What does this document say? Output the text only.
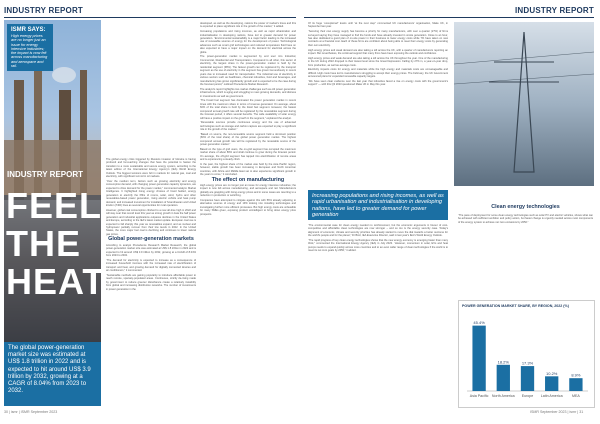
INDUSTRY REPORT
ISMR SAYS:
High energy prices are no longer just an issue for energy intensive industries; the impact is now felt across manufacturing and aerospace and rail.
INDUSTRY REPORT
FEEL
THE
HEAT
The global power-generation market size was estimated at US$ 1.8 trillion in 2022 and is expected to hit around US$ 3.9 trillion by 2032, growing at a CAGR of 8.04% from 2023 to 2032.

The global energy crisis triggered by Russia's invasion of Ukraine is having profound and far-reaching changes that have the potential to hasten the transition to a more sustainable and secure energy system, according to the latest edition of the International Energy Agency's (IEA) World Energy Outlook. The biggest tensions were felt in markets for natural gas, coal and electricity, with significant turmoil in oil markets.

“Over the medium term, factors such as growing electricity and energy consumption demand, with changing power generation capacity dynamics, are expected to drive demand for the power market,” commented analyst. Market Intelligence. It highlighted rising energy choices of fossil fuelled, energy generation to electrify the fifths of rooms, solar, wind, hydro and other renewables-based power generation, rising electric vehicle and heat pump demand, and increased investment for installation of Scandinavian and United kindom (T&D) lines as several opportunities for rural operators.

However, global coal consumption climbed to a new all-time high in 2022 and will stay near that record level this year as strong growth in Asia the half power generation and industrial applications outpaces declines in the United States and Europe, according to the IEA's latest market update. European coal use is expected to fall sharply this year as renewables expand, and as nuclear and hydropower partially recover from their low levels in 2022. In the United States, the more major fuel coal is declining and continues to lower natural gas prices.

Global power-generation markets

According to analyst Precedence Research Market Research, the global power-generation market size was estimated at US$ 1.8 trillion in 2022 and is expected to hit around US$ 3.9 trillion by 2032, growing at a CAGR of 8.04% from 2023 to 2032.

“The demand for electricity is expected to increase as a consequence of increased household incomes with the increased rate of electrification of transport and heat, and growing demand for digitally connected devices and air conditioners,” it commented.

“Sustainable methods are gaining popularity to introduce affordable power to reach remote, sparsely-populated areas. Continuous, strictly de-rising made by government to reduce greener disturbance create a relatively instability from global and increasing distribution networks. The number of investments in power generation in the

developed, as well as the developing, nations the power of market's times and this is expected to place significant role in the growth of the market,” it added.

Increasing populations and rising incomes, as well as rapid urbanization and industrialisation in developing nations, have led to greater demand for power generation. “Environmental sustainability is a major factor leading to the increased use of renewable sources of energy for the development of power. Technological advances such as smart grid technologies and reduced temperature fluid have on also expected to have a major impact on the demand for electrical across the globe.

The power-generation market is segmented by end user into Industrial, Commercial, Residential and Transportation. Compared to all other, this sector of electricity, the largest share in the power-generation market is held by the residential segment (38%). The fastest growth can be registered by the transport segment as the use of electricity in this segment has grown tremendously in recent years due to increased need for transportation. The industrial use of electricity in various sectors such as healthcare, chemical industries, food and beverages, and manufacturing has grown significantly growth and is expected to be the case during the forecast period,” outlined Precedence Market Research.

The analyst's report highlights two market challenges such as old power generation infrastructure, which is aging and struggling to meet growing demands, and distress in investments as well as government.

“The Fossil fuel segment has dominated the power generation market in recent times with the maximum share in terms of revenue generated. On average, about 60% of the total share is held by the fossil fuel segment. However, the fastest compound annual growth rate will be registered by the renewables segment during the forecast period, it offers several benefits. The wide availability of solar energy will have a positive impact on the growth in the segment,” explained the analyst.

“Renewable sources provide continuous energy and the use of advanced technologies such as storage and carbon capture are expected to play a significant role in the growth of the market.”

“Based on source, the non-renewable source segment held a dominant position (60% of the total share) of the global power generation market. The highest compound annual growth rate will be registered by the renewable source of the power generation market.”

Based on the type of grid users, the on-grid segment has occupied the maximum market share of about 86% and shall continue to grow during the forecast period. On average, the off-grid segment has tapped into electrification of remote areas and is experiencing a steady climb.

In the past, the highest share of the market was held by the Asia Pacific region, however, stable growth has been increasing in European and North American countries, with Africa and Middle East set to also experience significant growth in the years to come,” it concluded.

The effect on manufacturing

High energy prices are no longer just an issue for energy intensive industries; the impact is now felt across manufacturing, and aerospace and rail. Manufacturers globally are grappling with rising energy prices and in some cases are resorting to a reduction in production or switching.

Companies have attempted to mitigate against this with 56% already adjusting to alternative sources of energy and 19% looking into installing technologies and investigating further more efficient processes. But high energy costs are unfeasible for many SMEs given, exposing product unintelligent to bring down energy price prospects.

30 | ismr | ISMR September 2023
INDUSTRY REPORT

Of its huge “exceptional” levels until “at the next step” commented UK manufacturers’ organisation, Make UK, in September last year.

“Securing their own energy supply has become a priority for many manufacturers, with over a quarter (27%) of firms surveyed saying they have managed to find the funds and have already invested in onsite generation. Close to an hour, has also dedicated a good plan of on-site power in their business to lower energy costs while 7% have taken on new contracts at a financial cost. Each of these firms are confident about being able to meet their energy costs by generating their own electricity.

High energy prices and weak demand are also taking a toll across the UK, with a quarter of manufacturers reporting an impact. But nevertheless, the continual support that many firms have been exposing the outlook and confidence.

High energy prices and weak demand are also taking a toll across the UK throughout the year. One of the manufacturing in the UK during 2022 dropped to their lowest level since the Great Depression. Falling by 27% in, a year-on-year drop, from production, as well as average costs.

Electricity impacts costs for energy and materials while the high energy and materials costs are unmanageable and difficult. High costs have led to manufacturers struggling to accept their energy prices. The February, the UK Government announced plans for expanded renewable capacity targets.

“We have seen clear evidence over the last year that industries faced a rise on energy costs with the government's support” — with this Q3 2023 questioned Make UK in May this year.

Increasing populations and rising incomes, as well as rapid urbanisation and industrialisation in developing nations, have led to greater demand for power generation
Clean energy technologies

“The environmental case for clean energy needed no reinforcement, but the economic arguments in favour of cost-competitive and affordable clean technologies are now stronger – and so too is the energy security case. Today's alignment of economic, climate and security priorities has already started to move the dial towards a better outcome for the world's people and for the planet,” Dr Birol, IEA Executive Director, said in last year's IEA's World Energy Outlook.

“The rapid progress of key clean energy technologies shows that the new energy economy is emerging faster than many think,” commented the International Energy Agency (IEA) in July 2023. “However, momentum in solar, EVs and heat pumps needs to expand quickly across more countries and to an even wider range of clean technologies if the world is to meet its net zero goals by 2050,” it added.

“The pace of deployment for some clean energy technologies such as solar PV and electric vehicles, shows what can be achieved with sufficient ambition and policy action, but faster change is urgently needed across most components of the energy system to achieve net zero emissions by 2050.”

POWER GENERATION MARKET SHARE, BY REGION, 2022 (%)
45.4%
Asia Pacific
18.2%
North America
17.3%
Europe
10.2%
Latin America
8.9%
MEA
ISMR September 2023 | ismr | 31
